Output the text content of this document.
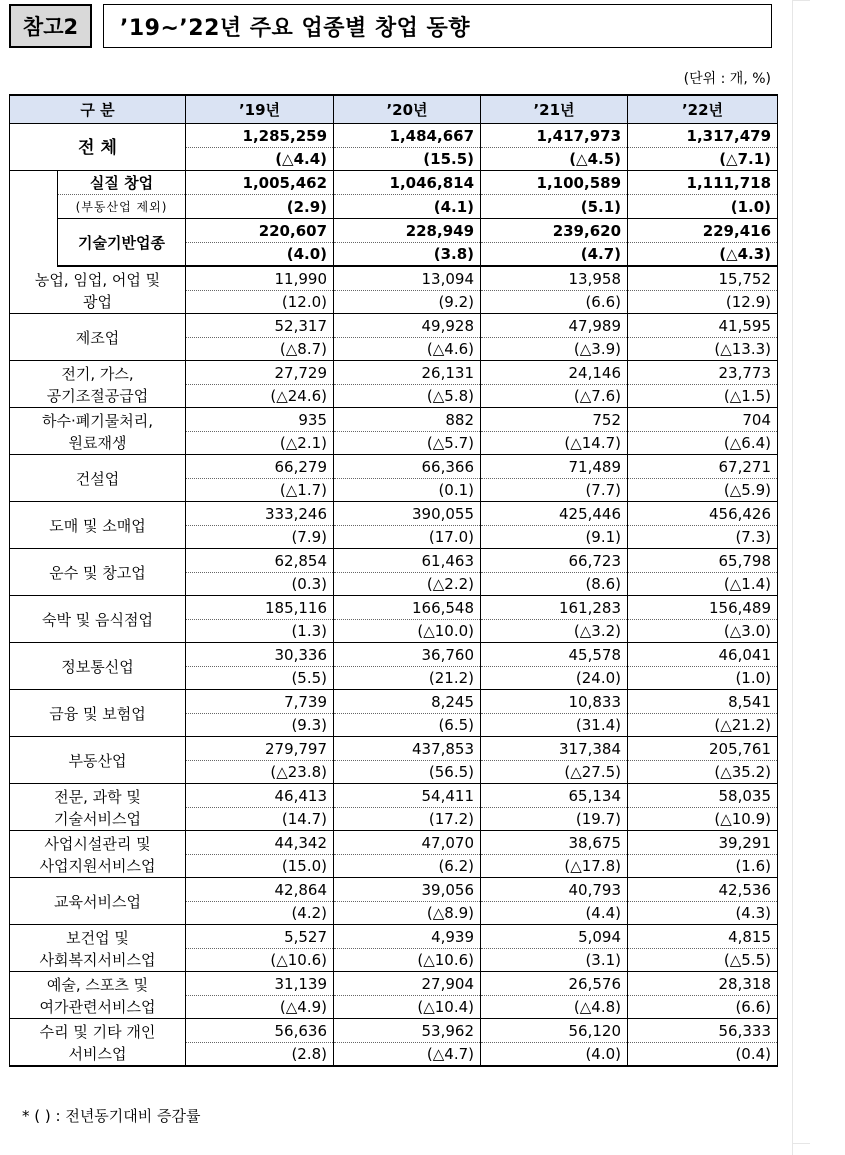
참고2	’19~’22년 주요 업종별 창업 동향
(단위 : 개, %)
구 분		’19년	’20년	’21년	’22년
전 체		1,285,259	1,484,667	1,417,973	1,317,479
		(△4.4)	(15.5)	(△4.5)	(△7.1)
	실질 창업	1,005,462	1,046,814	1,100,589	1,111,718
	(부동산업 제외)	(2.9)	(4.1)	(5.1)	(1.0)
	기술기반업종	220,607	228,949	239,620	229,416
		(4.0)	(3.8)	(4.7)	(△4.3)

농업, 임업, 어업 및
광업		11,990	13,094	13,958	15,752
		(12.0)	(9.2)	(6.6)	(12.9)

제조업		52,317	49,928	47,989	41,595
		(△8.7)	(△4.6)	(△3.9)	(△13.3)

전기, 가스,
공기조절공급업		27,729	26,131	24,146	23,773
		(△24.6)	(△5.8)	(△7.6)	(△1.5)

하수·폐기물처리,
원료재생		935	882	752	704
		(△2.1)	(△5.7)	(△14.7)	(△6.4)

건설업		66,279	66,366	71,489	67,271
		(△1.7)	(0.1)	(7.7)	(△5.9)

도매 및 소매업		333,246	390,055	425,446	456,426
		(7.9)	(17.0)	(9.1)	(7.3)

운수 및 창고업		62,854	61,463	66,723	65,798
		(0.3)	(△2.2)	(8.6)	(△1.4)

숙박 및 음식점업		185,116	166,548	161,283	156,489
		(1.3)	(△10.0)	(△3.2)	(△3.0)

정보통신업		30,336	36,760	45,578	46,041
		(5.5)	(21.2)	(24.0)	(1.0)

금융 및 보험업		7,739	8,245	10,833	8,541
		(9.3)	(6.5)	(31.4)	(△21.2)

부동산업		279,797	437,853	317,384	205,761
		(△23.8)	(56.5)	(△27.5)	(△35.2)

전문, 과학 및
기술서비스업		46,413	54,411	65,134	58,035
		(14.7)	(17.2)	(19.7)	(△10.9)

사업시설관리 및
사업지원서비스업		44,342	47,070	38,675	39,291
		(15.0)	(6.2)	(△17.8)	(1.6)

교육서비스업		42,864	39,056	40,793	42,536
		(4.2)	(△8.9)	(4.4)	(4.3)

보건업 및
사회복지서비스업		5,527	4,939	5,094	4,815
		(△10.6)	(△10.6)	(3.1)	(△5.5)

예술, 스포츠 및
여가관련서비스업		31,139	27,904	26,576	28,318
		(△4.9)	(△10.4)	(△4.8)	(6.6)

수리 및 기타 개인
서비스업		56,636	53,962	56,120	56,333
		(2.8)	(△4.7)	(4.0)	(0.4)
* ( ) : 전년동기대비 증감률
